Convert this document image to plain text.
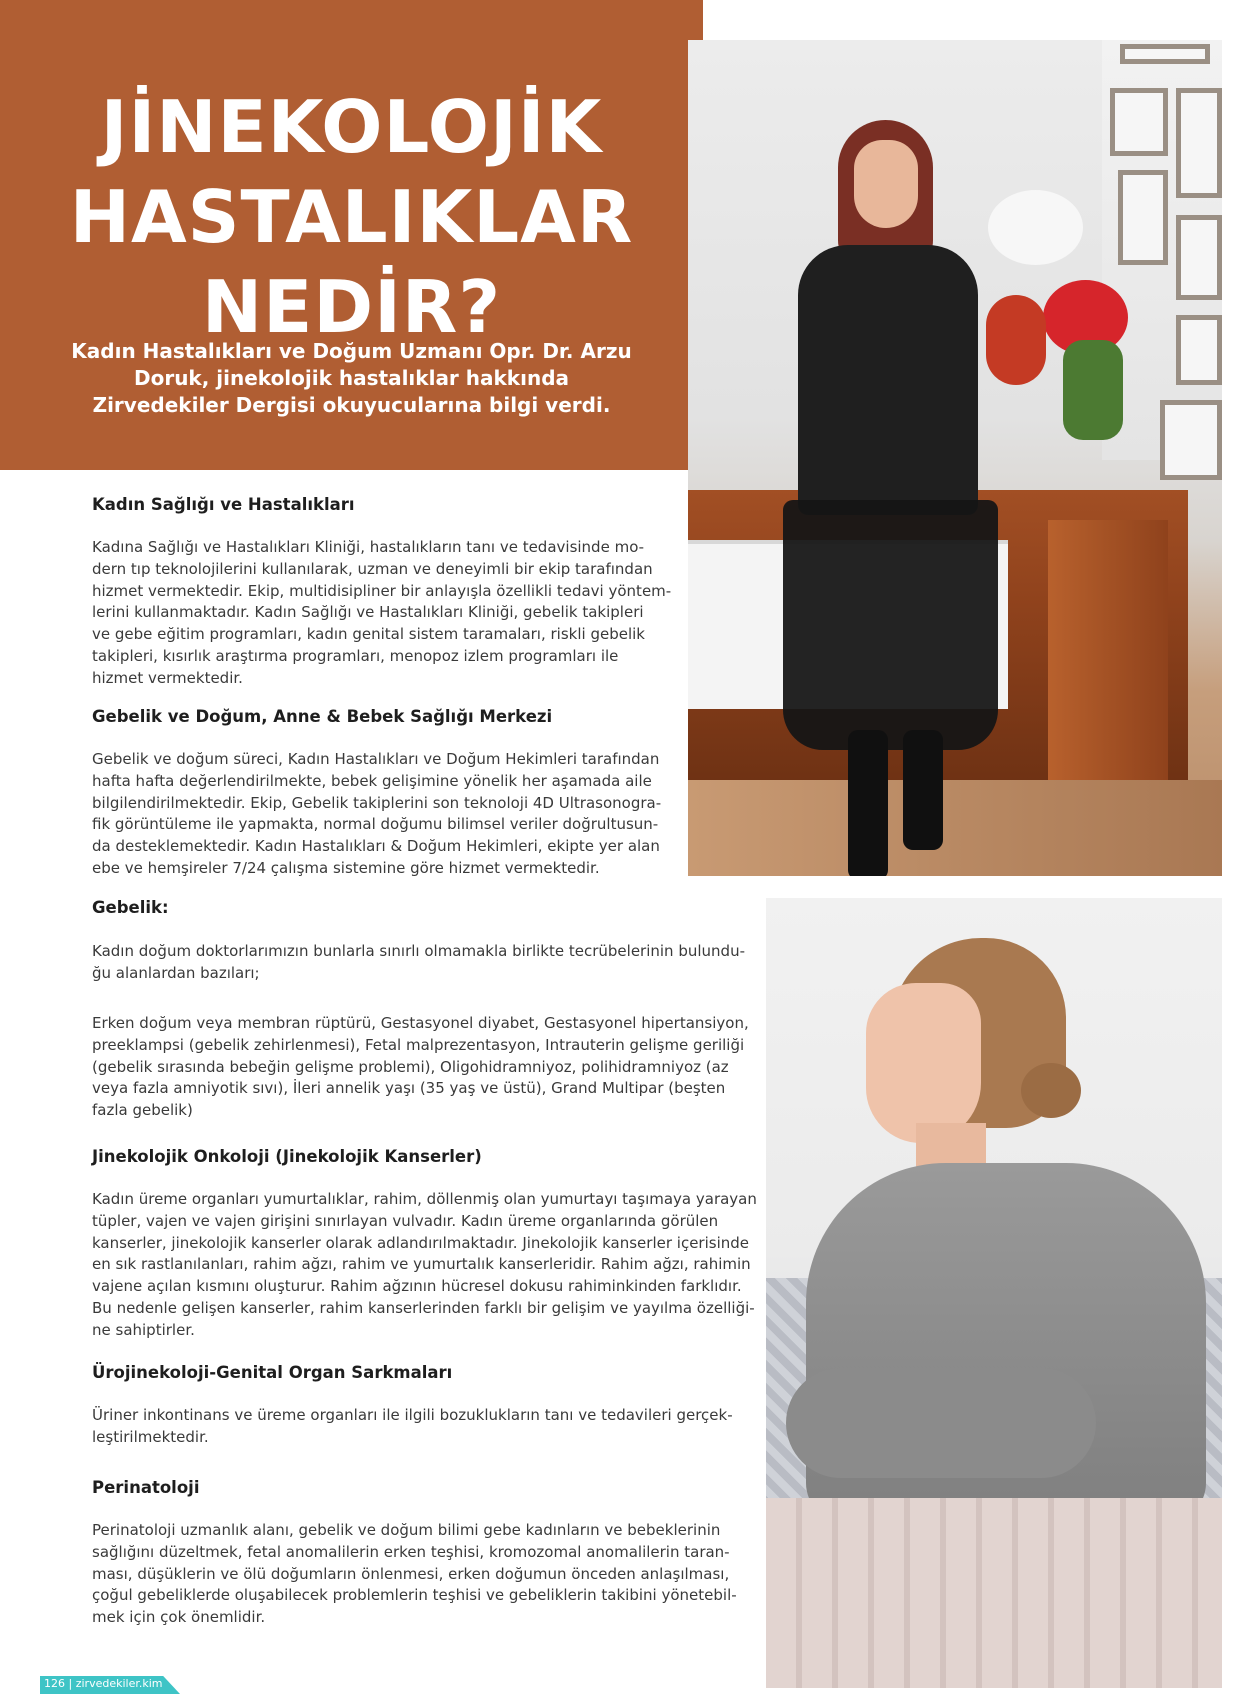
JİNEKOLOJİK
HASTALIKLAR
NEDİR?
Kadın Hastalıkları ve Doğum Uzmanı Opr. Dr. Arzu
Doruk, jinekolojik hastalıklar hakkında
Zirvedekiler Dergisi okuyucularına bilgi verdi.
Kadın Sağlığı ve Hastalıkları
Kadına Sağlığı ve Hastalıkları Kliniği, hastalıkların tanı ve tedavisinde mo-
dern tıp teknolojilerini kullanılarak, uzman ve deneyimli bir ekip tarafından
hizmet vermektedir. Ekip, multidisipliner bir anlayışla özellikli tedavi yöntem-
lerini kullanmaktadır. Kadın Sağlığı ve Hastalıkları Kliniği, gebelik takipleri
ve gebe eğitim programları, kadın genital sistem taramaları, riskli gebelik
takipleri, kısırlık araştırma programları, menopoz izlem programları ile
hizmet vermektedir.
Gebelik ve Doğum, Anne & Bebek Sağlığı Merkezi
Gebelik ve doğum süreci, Kadın Hastalıkları ve Doğum Hekimleri tarafından
hafta hafta değerlendirilmekte, bebek gelişimine yönelik her aşamada aile
bilgilendirilmektedir. Ekip, Gebelik takiplerini son teknoloji 4D Ultrasonogra-
fik görüntüleme ile yapmakta, normal doğumu bilimsel veriler doğrultusun-
da desteklemektedir. Kadın Hastalıkları & Doğum Hekimleri, ekipte yer alan
ebe ve hemşireler 7/24 çalışma sistemine göre hizmet vermektedir.
Gebelik:
Kadın doğum doktorlarımızın bunlarla sınırlı olmamakla birlikte tecrübelerinin bulundu-
ğu alanlardan bazıları;
Erken doğum veya membran rüptürü, Gestasyonel diyabet, Gestasyonel hipertansiyon,
preeklampsi (gebelik zehirlenmesi), Fetal malprezentasyon, Intrauterin gelişme geriliği
(gebelik sırasında bebeğin gelişme problemi), Oligohidramniyoz, polihidramniyoz (az
veya fazla amniyotik sıvı), İleri annelik yaşı (35 yaş ve üstü), Grand Multipar (beşten
fazla gebelik)
Jinekolojik Onkoloji (Jinekolojik Kanserler)
Kadın üreme organları yumurtalıklar, rahim, döllenmiş olan yumurtayı taşımaya yarayan
tüpler, vajen ve vajen girişini sınırlayan vulvadır. Kadın üreme organlarında görülen
kanserler, jinekolojik kanserler olarak adlandırılmaktadır. Jinekolojik kanserler içerisinde
en sık rastlanılanları, rahim ağzı, rahim ve yumurtalık kanserleridir. Rahim ağzı, rahimin
vajene açılan kısmını oluşturur. Rahim ağzının hücresel dokusu rahiminkinden farklıdır.
Bu nedenle gelişen kanserler, rahim kanserlerinden farklı bir gelişim ve yayılma özelliği-
ne sahiptirler.
Ürojinekoloji-Genital Organ Sarkmaları
Üriner inkontinans ve üreme organları ile ilgili bozuklukların tanı ve tedavileri gerçek-
leştirilmektedir.
Perinatoloji
Perinatoloji uzmanlık alanı, gebelik ve doğum bilimi gebe kadınların ve bebeklerinin
sağlığını düzeltmek, fetal anomalilerin erken teşhisi, kromozomal anomalilerin taran-
ması, düşüklerin ve ölü doğumların önlenmesi, erken doğumun önceden anlaşılması,
çoğul gebeliklerde oluşabilecek problemlerin teşhisi ve gebeliklerin takibini yönetebil-
mek için çok önemlidir.
126 | zirvedekiler.kim
